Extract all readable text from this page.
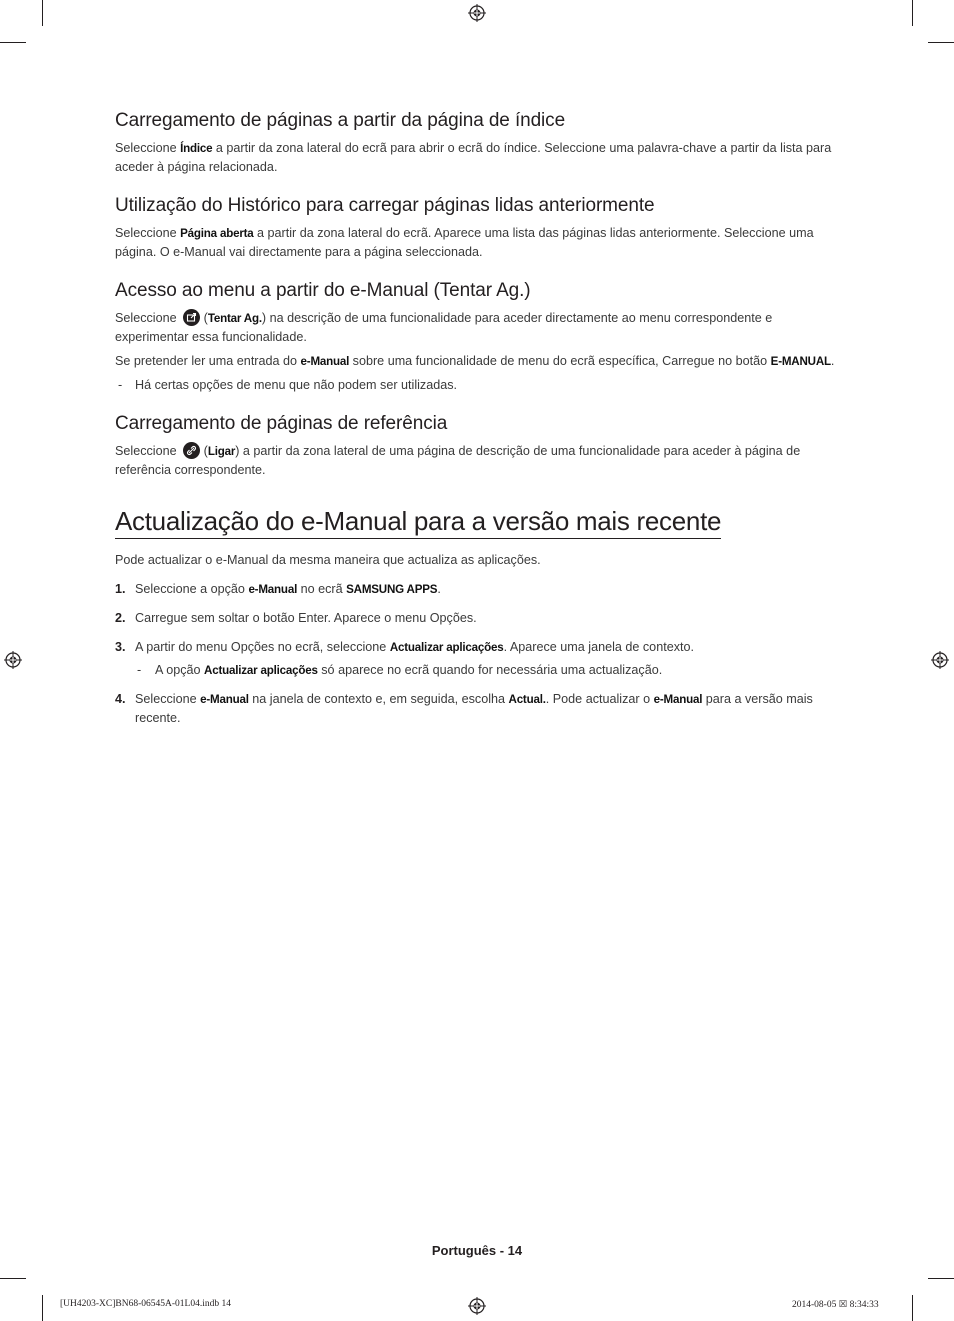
Carregamento de páginas a partir da página de índice

Seleccione Índice a partir da zona lateral do ecrã para abrir o ecrã do índice. Seleccione uma palavra-chave a partir da lista para aceder à página relacionada.

Utilização do Histórico para carregar páginas lidas anteriormente

Seleccione Página aberta a partir da zona lateral do ecrã. Aparece uma lista das páginas lidas anteriormente. Seleccione uma página. O e-Manual vai directamente para a página seleccionada.

Acesso ao menu a partir do e-Manual (Tentar Ag.)

Seleccione (Tentar Ag.) na descrição de uma funcionalidade para aceder directamente ao menu correspondente e experimentar essa funcionalidade.

Se pretender ler uma entrada do e-Manual sobre uma funcionalidade de menu do ecrã específica, Carregue no botão E-MANUAL.

- Há certas opções de menu que não podem ser utilizadas.

Carregamento de páginas de referência

Seleccione (Ligar) a partir da zona lateral de uma página de descrição de uma funcionalidade para aceder à página de referência correspondente.

Actualização do e-Manual para a versão mais recente

Pode actualizar o e-Manual da mesma maneira que actualiza as aplicações.

1. Seleccione a opção e-Manual no ecrã SAMSUNG APPS.

2. Carregue sem soltar o botão Enter. Aparece o menu Opções.

3. A partir do menu Opções no ecrã, seleccione Actualizar aplicações. Aparece uma janela de contexto.

- A opção Actualizar aplicações só aparece no ecrã quando for necessária uma actualização.

4. Seleccione e-Manual na janela de contexto e, em seguida, escolha Actual.. Pode actualizar o e-Manual para a versão mais recente.

Português - 14
[UH4203-XC]BN68-06545A-01L04.indb 14	2014-08-05 ☒ 8:34:33
